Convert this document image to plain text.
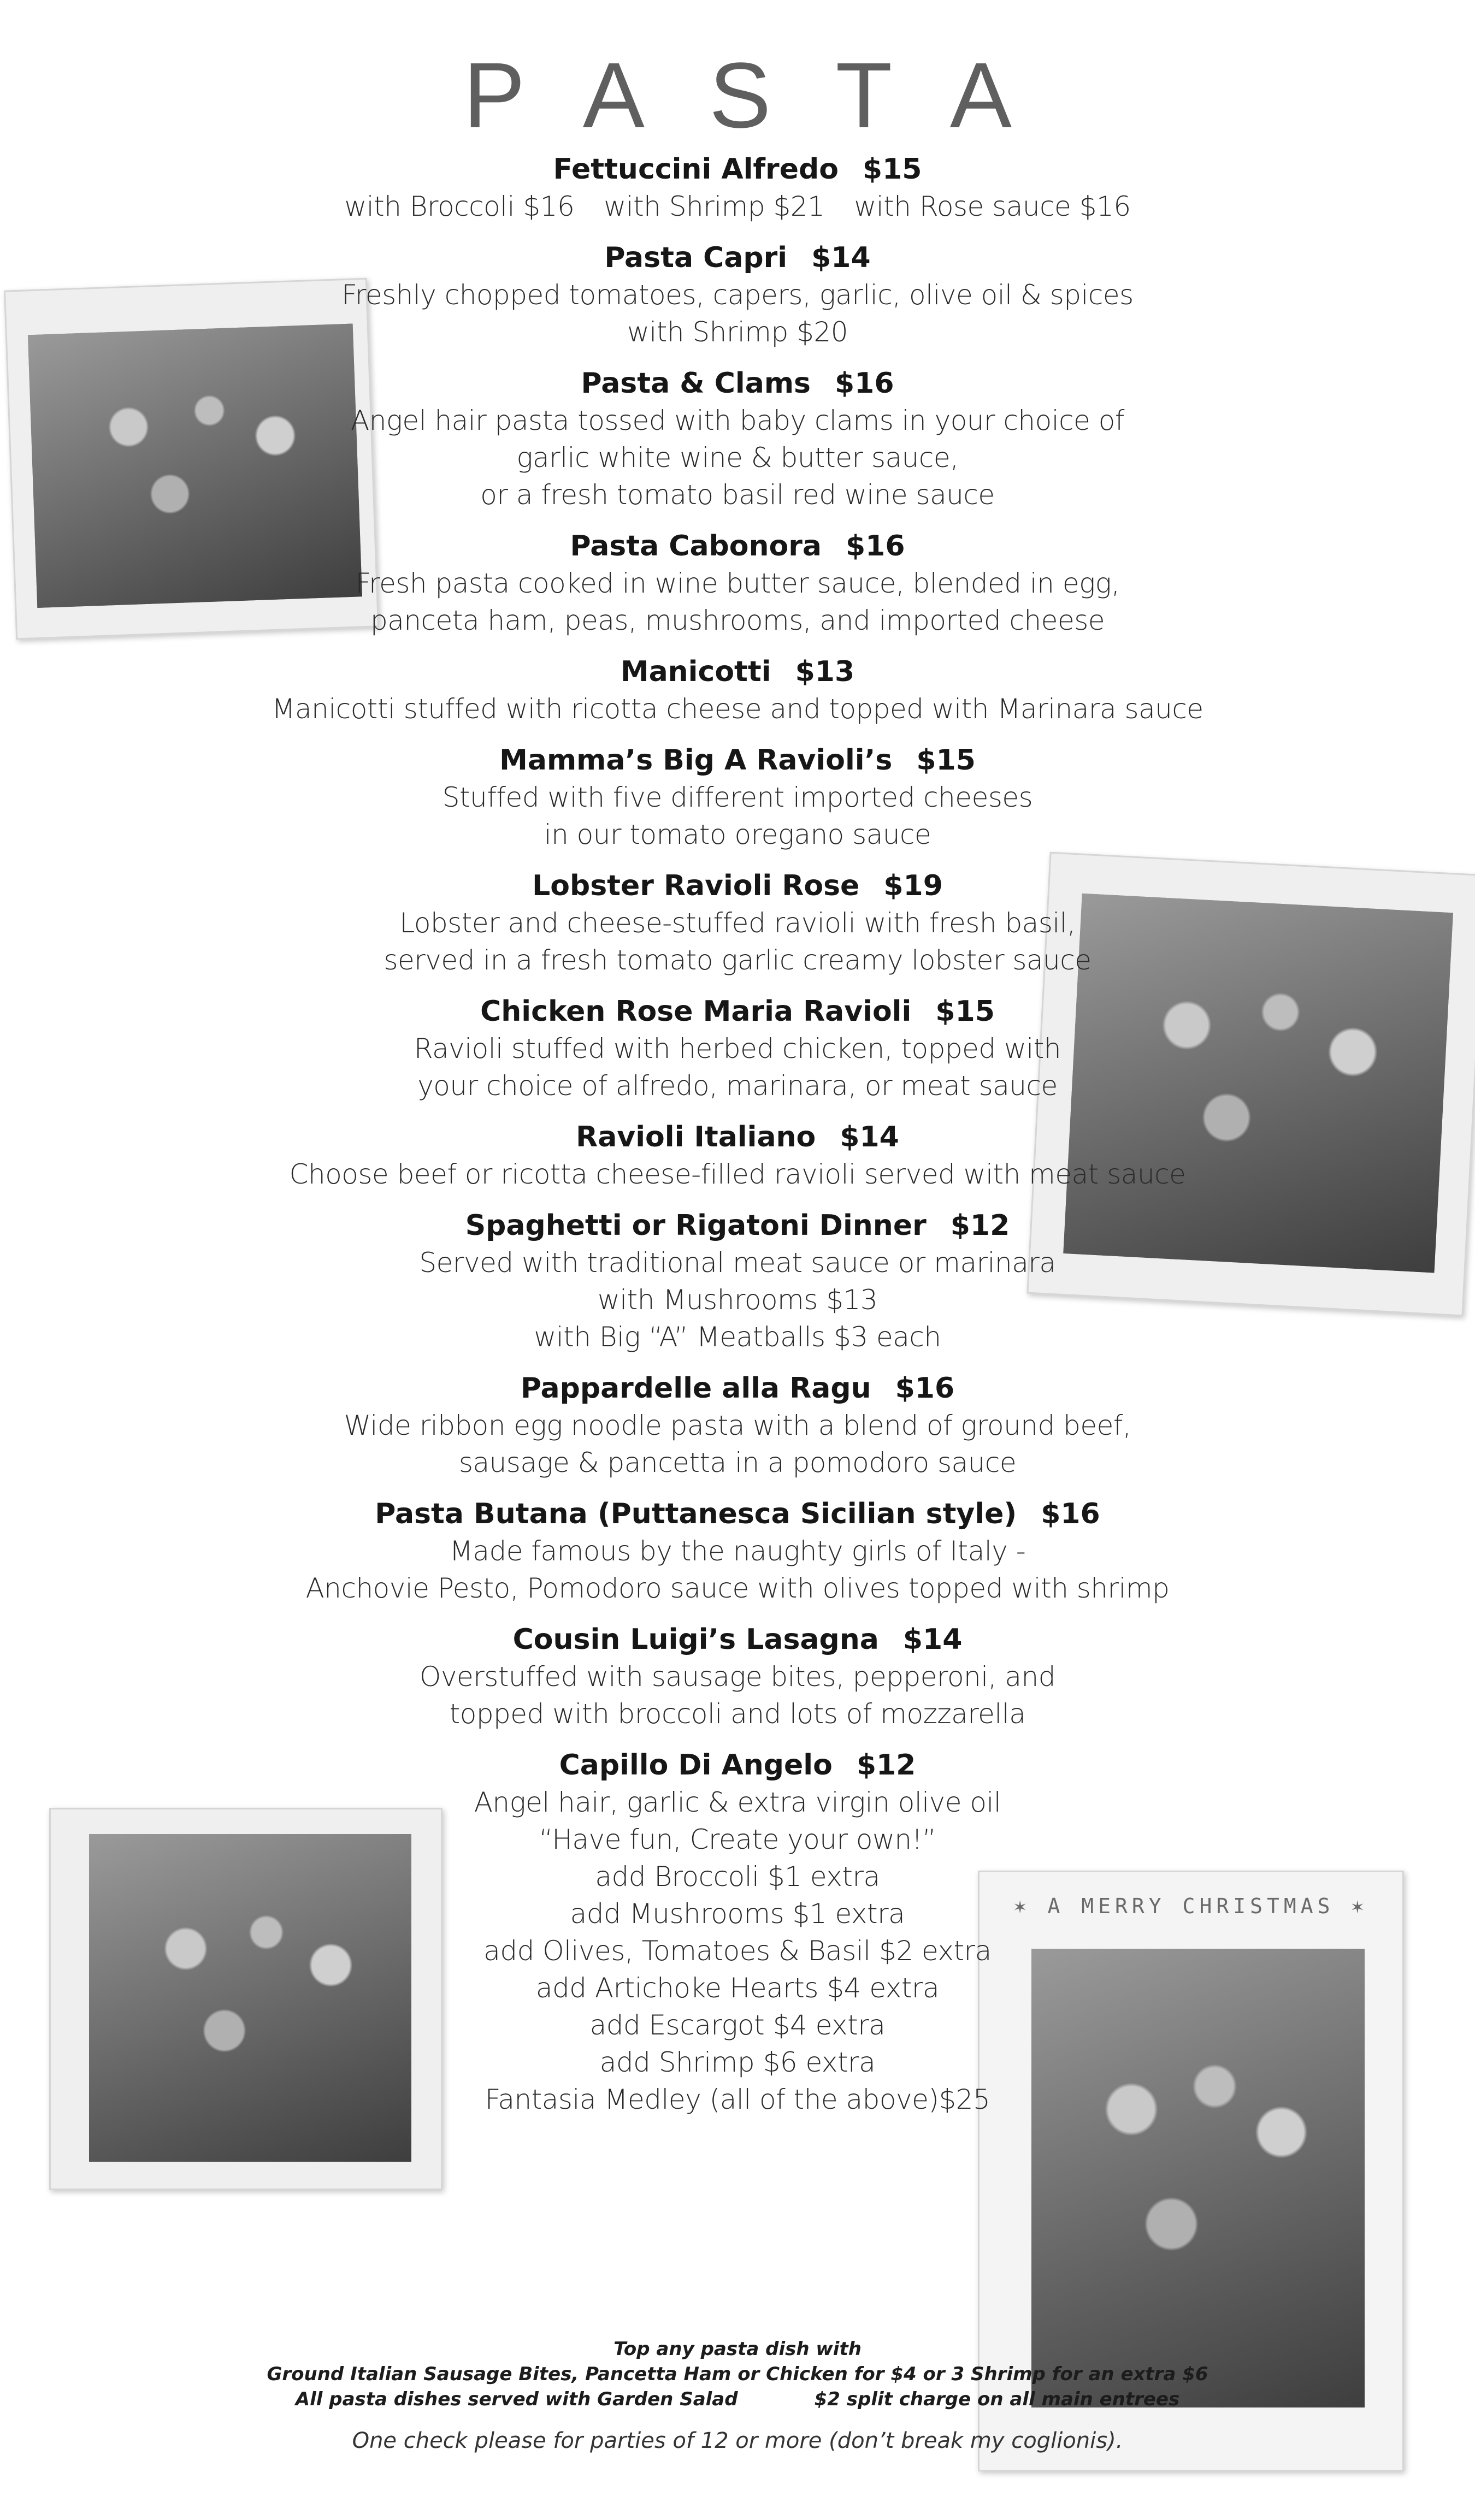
✶ A MERRY CHRISTMAS ✶
PASTA
Fettuccini Alfredo $15
with Broccoli $16 with Shrimp $21 with Rose sauce $16
Pasta Capri $14
Freshly chopped tomatoes, capers, garlic, olive oil & spices
with Shrimp $20
Pasta & Clams $16
Angel hair pasta tossed with baby clams in your choice of
garlic white wine & butter sauce,
or a fresh tomato basil red wine sauce
Pasta Cabonora $16
Fresh pasta cooked in wine butter sauce, blended in egg,
panceta ham, peas, mushrooms, and imported cheese
Manicotti $13
Manicotti stuffed with ricotta cheese and topped with Marinara sauce
Mamma’s Big A Ravioli’s $15
Stuffed with five different imported cheeses
in our tomato oregano sauce
Lobster Ravioli Rose $19
Lobster and cheese-stuffed ravioli with fresh basil,
served in a fresh tomato garlic creamy lobster sauce
Chicken Rose Maria Ravioli $15
Ravioli stuffed with herbed chicken, topped with
your choice of alfredo, marinara, or meat sauce
Ravioli Italiano $14
Choose beef or ricotta cheese-filled ravioli served with meat sauce
Spaghetti or Rigatoni Dinner $12
Served with traditional meat sauce or marinara
with Mushrooms $13
with Big “A” Meatballs $3 each
Pappardelle alla Ragu $16
Wide ribbon egg noodle pasta with a blend of ground beef,
sausage & pancetta in a pomodoro sauce
Pasta Butana (Puttanesca Sicilian style) $16
Made famous by the naughty girls of Italy -
Anchovie Pesto, Pomodoro sauce with olives topped with shrimp
Cousin Luigi’s Lasagna $14
Overstuffed with sausage bites, pepperoni, and
topped with broccoli and lots of mozzarella
Capillo Di Angelo $12
Angel hair, garlic & extra virgin olive oil
“Have fun, Create your own!”
add Broccoli $1 extra
add Mushrooms $1 extra
add Olives, Tomatoes & Basil $2 extra
add Artichoke Hearts $4 extra
add Escargot $4 extra
add Shrimp $6 extra
Fantasia Medley (all of the above)$25
Top any pasta dish with
Ground Italian Sausage Bites, Pancetta Ham or Chicken for $4 or 3 Shrimp for an extra $6
All pasta dishes served with Garden Salad	$2 split charge on all main entrees
One check please for parties of 12 or more (don’t break my coglionis).
